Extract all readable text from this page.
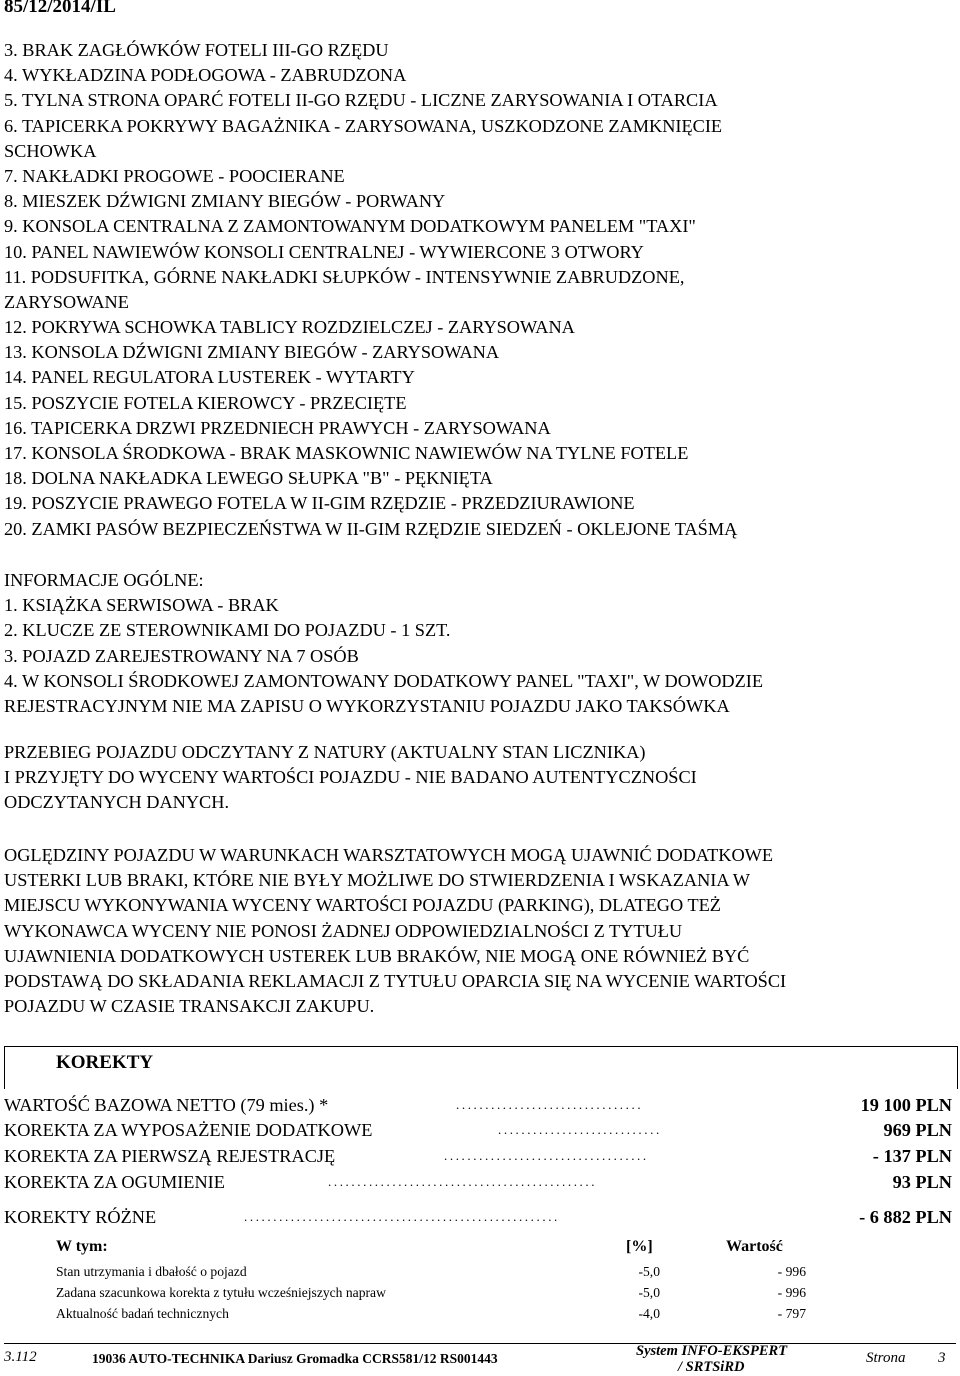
85/12/2014/IL
3. BRAK ZAGŁÓWKÓW FOTELI III-GO RZĘDU
4. WYKŁADZINA PODŁOGOWA - ZABRUDZONA
5. TYLNA STRONA OPARĆ FOTELI II-GO RZĘDU - LICZNE ZARYSOWANIA I OTARCIA
6. TAPICERKA POKRYWY BAGAŻNIKA - ZARYSOWANA, USZKODZONE ZAMKNIĘCIE
SCHOWKA
7. NAKŁADKI PROGOWE - POOCIERANE
8. MIESZEK DŹWIGNI ZMIANY BIEGÓW - PORWANY
9. KONSOLA CENTRALNA Z ZAMONTOWANYM DODATKOWYM PANELEM "TAXI"
10. PANEL NAWIEWÓW KONSOLI CENTRALNEJ - WYWIERCONE 3 OTWORY
11. PODSUFITKA, GÓRNE NAKŁADKI SŁUPKÓW - INTENSYWNIE ZABRUDZONE,
ZARYSOWANE
12. POKRYWA SCHOWKA TABLICY ROZDZIELCZEJ - ZARYSOWANA
13. KONSOLA DŹWIGNI ZMIANY BIEGÓW - ZARYSOWANA
14. PANEL REGULATORA LUSTEREK - WYTARTY
15. POSZYCIE FOTELA KIEROWCY - PRZECIĘTE
16. TAPICERKA DRZWI PRZEDNIECH PRAWYCH - ZARYSOWANA
17. KONSOLA ŚRODKOWA - BRAK MASKOWNIC NAWIEWÓW NA TYLNE FOTELE
18. DOLNA NAKŁADKA LEWEGO SŁUPKA "B" - PĘKNIĘTA
19. POSZYCIE PRAWEGO FOTELA W II-GIM RZĘDZIE - PRZEDZIURAWIONE
20. ZAMKI PASÓW BEZPIECZEŃSTWA W II-GIM RZĘDZIE SIEDZEŃ - OKLEJONE TAŚMĄ
INFORMACJE OGÓLNE:
1. KSIĄŻKA SERWISOWA - BRAK
2. KLUCZE ZE STEROWNIKAMI DO POJAZDU - 1 SZT.
3. POJAZD ZAREJESTROWANY NA 7 OSÓB
4. W KONSOLI ŚRODKOWEJ ZAMONTOWANY DODATKOWY PANEL "TAXI", W DOWODZIE
REJESTRACYJNYM NIE MA ZAPISU O WYKORZYSTANIU POJAZDU JAKO TAKSÓWKA
PRZEBIEG POJAZDU ODCZYTANY Z NATURY (AKTUALNY STAN LICZNIKA)
I PRZYJĘTY DO WYCENY WARTOŚCI POJAZDU - NIE BADANO AUTENTYCZNOŚCI
ODCZYTANYCH DANYCH.
OGLĘDZINY POJAZDU W WARUNKACH WARSZTATOWYCH MOGĄ UJAWNIĆ DODATKOWE
USTERKI LUB BRAKI, KTÓRE NIE BYŁY MOŻLIWE DO STWIERDZENIA I WSKAZANIA W
MIEJSCU WYKONYWANIA WYCENY WARTOŚCI POJAZDU (PARKING), DLATEGO TEŻ
WYKONAWCA WYCENY NIE PONOSI ŻADNEJ ODPOWIEDZIALNOŚCI Z TYTUŁU
UJAWNIENIA DODATKOWYCH USTEREK LUB BRAKÓW, NIE MOGĄ ONE RÓWNIEŻ BYĆ
PODSTAWĄ DO SKŁADANIA REKLAMACJI Z TYTUŁU OPARCIA SIĘ NA WYCENIE WARTOŚCI
POJAZDU W CZASIE TRANSAKCJI ZAKUPU.
KOREKTY
WARTOŚĆ BAZOWA NETTO (79 mies.) *	................................	19 100 PLN
KOREKTA ZA WYPOSAŻENIE DODATKOWE	............................	969 PLN
KOREKTA ZA PIERWSZĄ REJESTRACJĘ	...................................	- 137 PLN
KOREKTA ZA OGUMIENIE	..............................................	93 PLN
KOREKTY RÓŻNE	......................................................	- 6 882 PLN
W tym:	[%]	Wartość
Stan utrzymania i dbałość o pojazd	-5,0	- 996
Zadana szacunkowa korekta z tytułu wcześniejszych napraw	-5,0	- 996
Aktualność badań technicznych	-4,0	- 797
3.112	19036 AUTO-TECHNIKA Dariusz Gromadka CCRS581/12 RS001443	System INFO-EKSPERT
/ SRTSiRD
Strona 3
